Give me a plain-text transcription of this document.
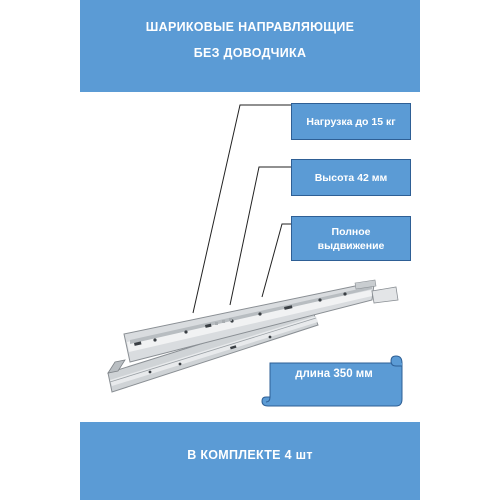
ШАРИКОВЫЕ НАПРАВЛЯЮЩИЕ
БЕЗ ДОВОДЧИКА
Нагрузка до 15 кг
Высота 42 мм
Полное
выдвижение
длина 350 мм
В КОМПЛЕКТЕ 4 шт
